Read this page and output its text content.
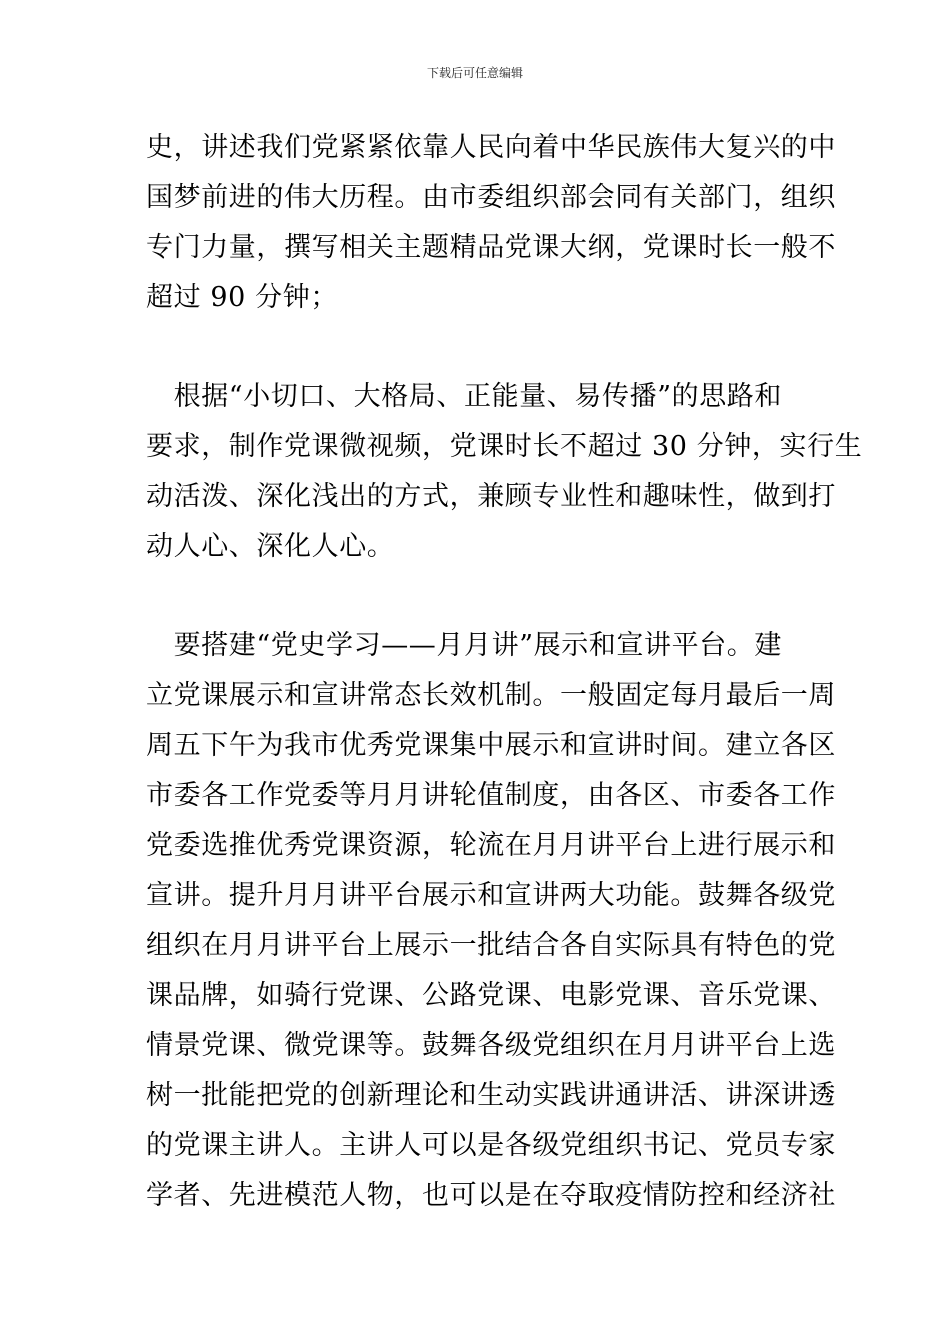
下载后可任意编辑
史，讲述我们党紧紧依靠人民向着中华民族伟大复兴的中
国梦前进的伟大历程。由市委组织部会同有关部门，组织
专门力量，撰写相关主题精品党课大纲，党课时长一般不
超过 90 分钟；
　根据“小切口、大格局、正能量、易传播”的思路和
要求，制作党课微视频，党课时长不超过 30 分钟，实行生
动活泼、深化浅出的方式，兼顾专业性和趣味性，做到打
动人心、深化人心。
　要搭建“党史学习——月月讲”展示和宣讲平台。建
立党课展示和宣讲常态长效机制。一般固定每月最后一周
周五下午为我市优秀党课集中展示和宣讲时间。建立各区
市委各工作党委等月月讲轮值制度，由各区、市委各工作
党委选推优秀党课资源，轮流在月月讲平台上进行展示和
宣讲。提升月月讲平台展示和宣讲两大功能。鼓舞各级党
组织在月月讲平台上展示一批结合各自实际具有特色的党
课品牌，如骑行党课、公路党课、电影党课、音乐党课、
情景党课、微党课等。鼓舞各级党组织在月月讲平台上选
树一批能把党的创新理论和生动实践讲通讲活、讲深讲透
的党课主讲人。主讲人可以是各级党组织书记、党员专家
学者、先进模范人物，也可以是在夺取疫情防控和经济社
